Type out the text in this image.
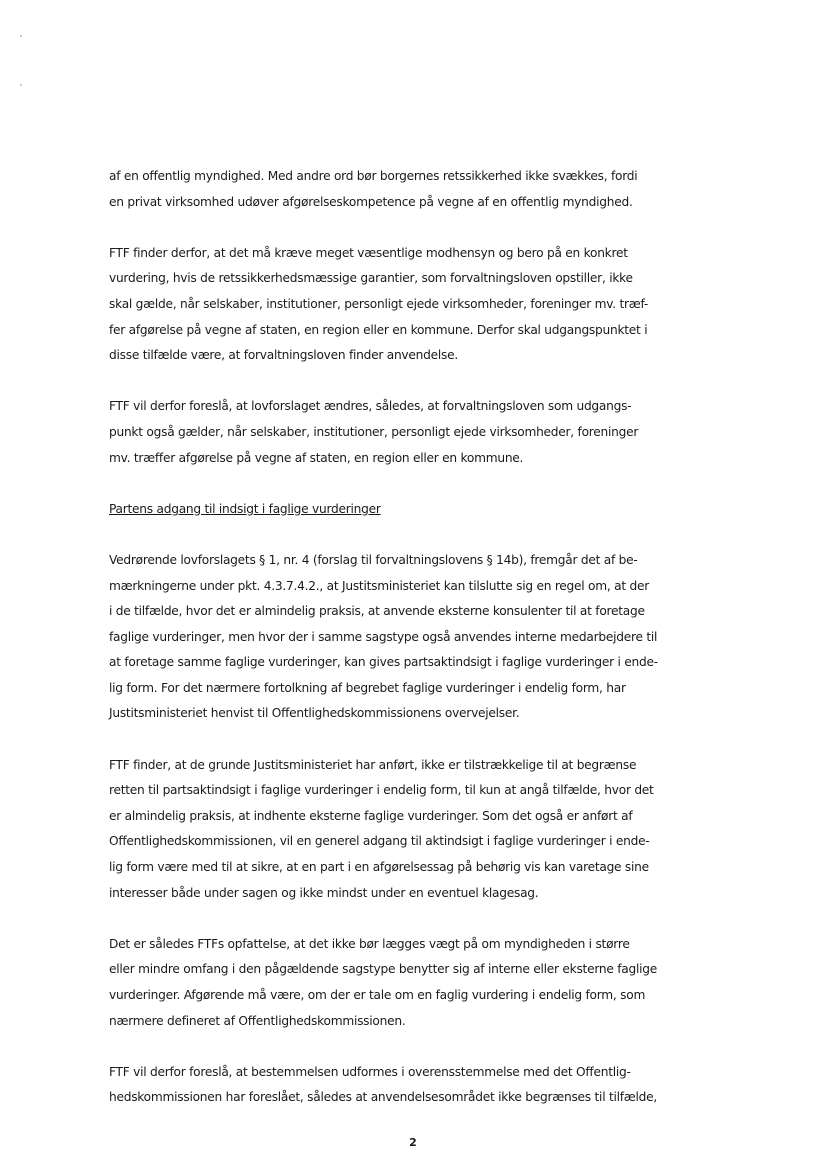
af en offentlig myndighed. Med andre ord bør borgernes retssikkerhed ikke svækkes, fordi
en privat virksomhed udøver afgørelseskompetence på vegne af en offentlig myndighed.

FTF finder derfor, at det må kræve meget væsentlige modhensyn og bero på en konkret
vurdering, hvis de retssikkerhedsmæssige garantier, som forvaltningsloven opstiller, ikke
skal gælde, når selskaber, institutioner, personligt ejede virksomheder, foreninger mv. træf-
fer afgørelse på vegne af staten, en region eller en kommune. Derfor skal udgangspunktet i
disse tilfælde være, at forvaltningsloven finder anvendelse.

FTF vil derfor foreslå, at lovforslaget ændres, således, at forvaltningsloven som udgangs-
punkt også gælder, når selskaber, institutioner, personligt ejede virksomheder, foreninger
mv. træffer afgørelse på vegne af staten, en region eller en kommune.

Partens adgang til indsigt i faglige vurderinger

Vedrørende lovforslagets § 1, nr. 4 (forslag til forvaltningslovens § 14b), fremgår det af be-
mærkningerne under pkt. 4.3.7.4.2., at Justitsministeriet kan tilslutte sig en regel om, at der
i de tilfælde, hvor det er almindelig praksis, at anvende eksterne konsulenter til at foretage
faglige vurderinger, men hvor der i samme sagstype også anvendes interne medarbejdere til
at foretage samme faglige vurderinger, kan gives partsaktindsigt i faglige vurderinger i ende-
lig form. For det nærmere fortolkning af begrebet faglige vurderinger i endelig form, har
Justitsministeriet henvist til Offentlighedskommissionens overvejelser.

FTF finder, at de grunde Justitsministeriet har anført, ikke er tilstrækkelige til at begrænse
retten til partsaktindsigt i faglige vurderinger i endelig form, til kun at angå tilfælde, hvor det
er almindelig praksis, at indhente eksterne faglige vurderinger. Som det også er anført af
Offentlighedskommissionen, vil en generel adgang til aktindsigt i faglige vurderinger i ende-
lig form være med til at sikre, at en part i en afgørelsessag på behørig vis kan varetage sine
interesser både under sagen og ikke mindst under en eventuel klagesag.

Det er således FTFs opfattelse, at det ikke bør lægges vægt på om myndigheden i større
eller mindre omfang i den pågældende sagstype benytter sig af interne eller eksterne faglige
vurderinger. Afgørende må være, om der er tale om en faglig vurdering i endelig form, som
nærmere defineret af Offentlighedskommissionen.

FTF vil derfor foreslå, at bestemmelsen udformes i overensstemmelse med det Offentlig-
hedskommissionen har foreslået, således at anvendelsesområdet ikke begrænses til tilfælde,

2
